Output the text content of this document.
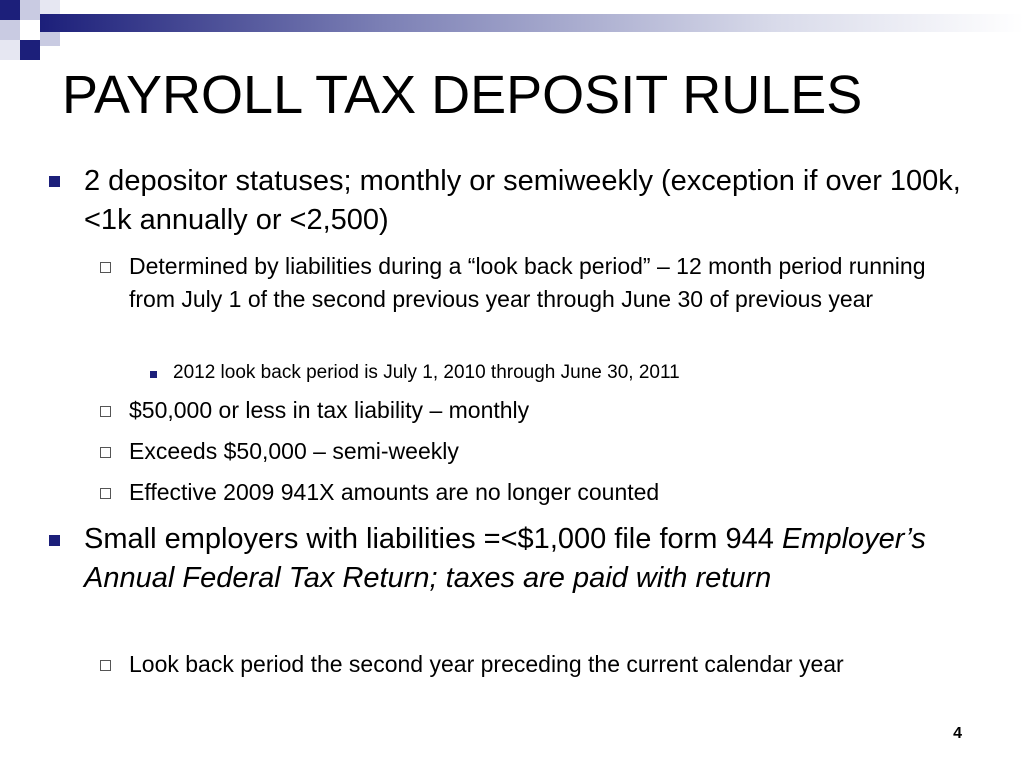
PAYROLL TAX DEPOSIT RULES
2 depositor statuses; monthly or semiweekly (exception if over 100k, <1k annually or <2,500)
Determined by liabilities during a “look back period” – 12 month period running from July 1 of the second previous year through June 30 of previous year
2012 look back period is July 1, 2010 through June 30, 2011
$50,000 or less in tax liability – monthly
Exceeds $50,000 – semi-weekly
Effective 2009 941X amounts are no longer counted
Small employers with liabilities =<$1,000 file form 944 Employer’s Annual Federal Tax Return; taxes are paid with return
Look back period the second year preceding the current calendar year
4
